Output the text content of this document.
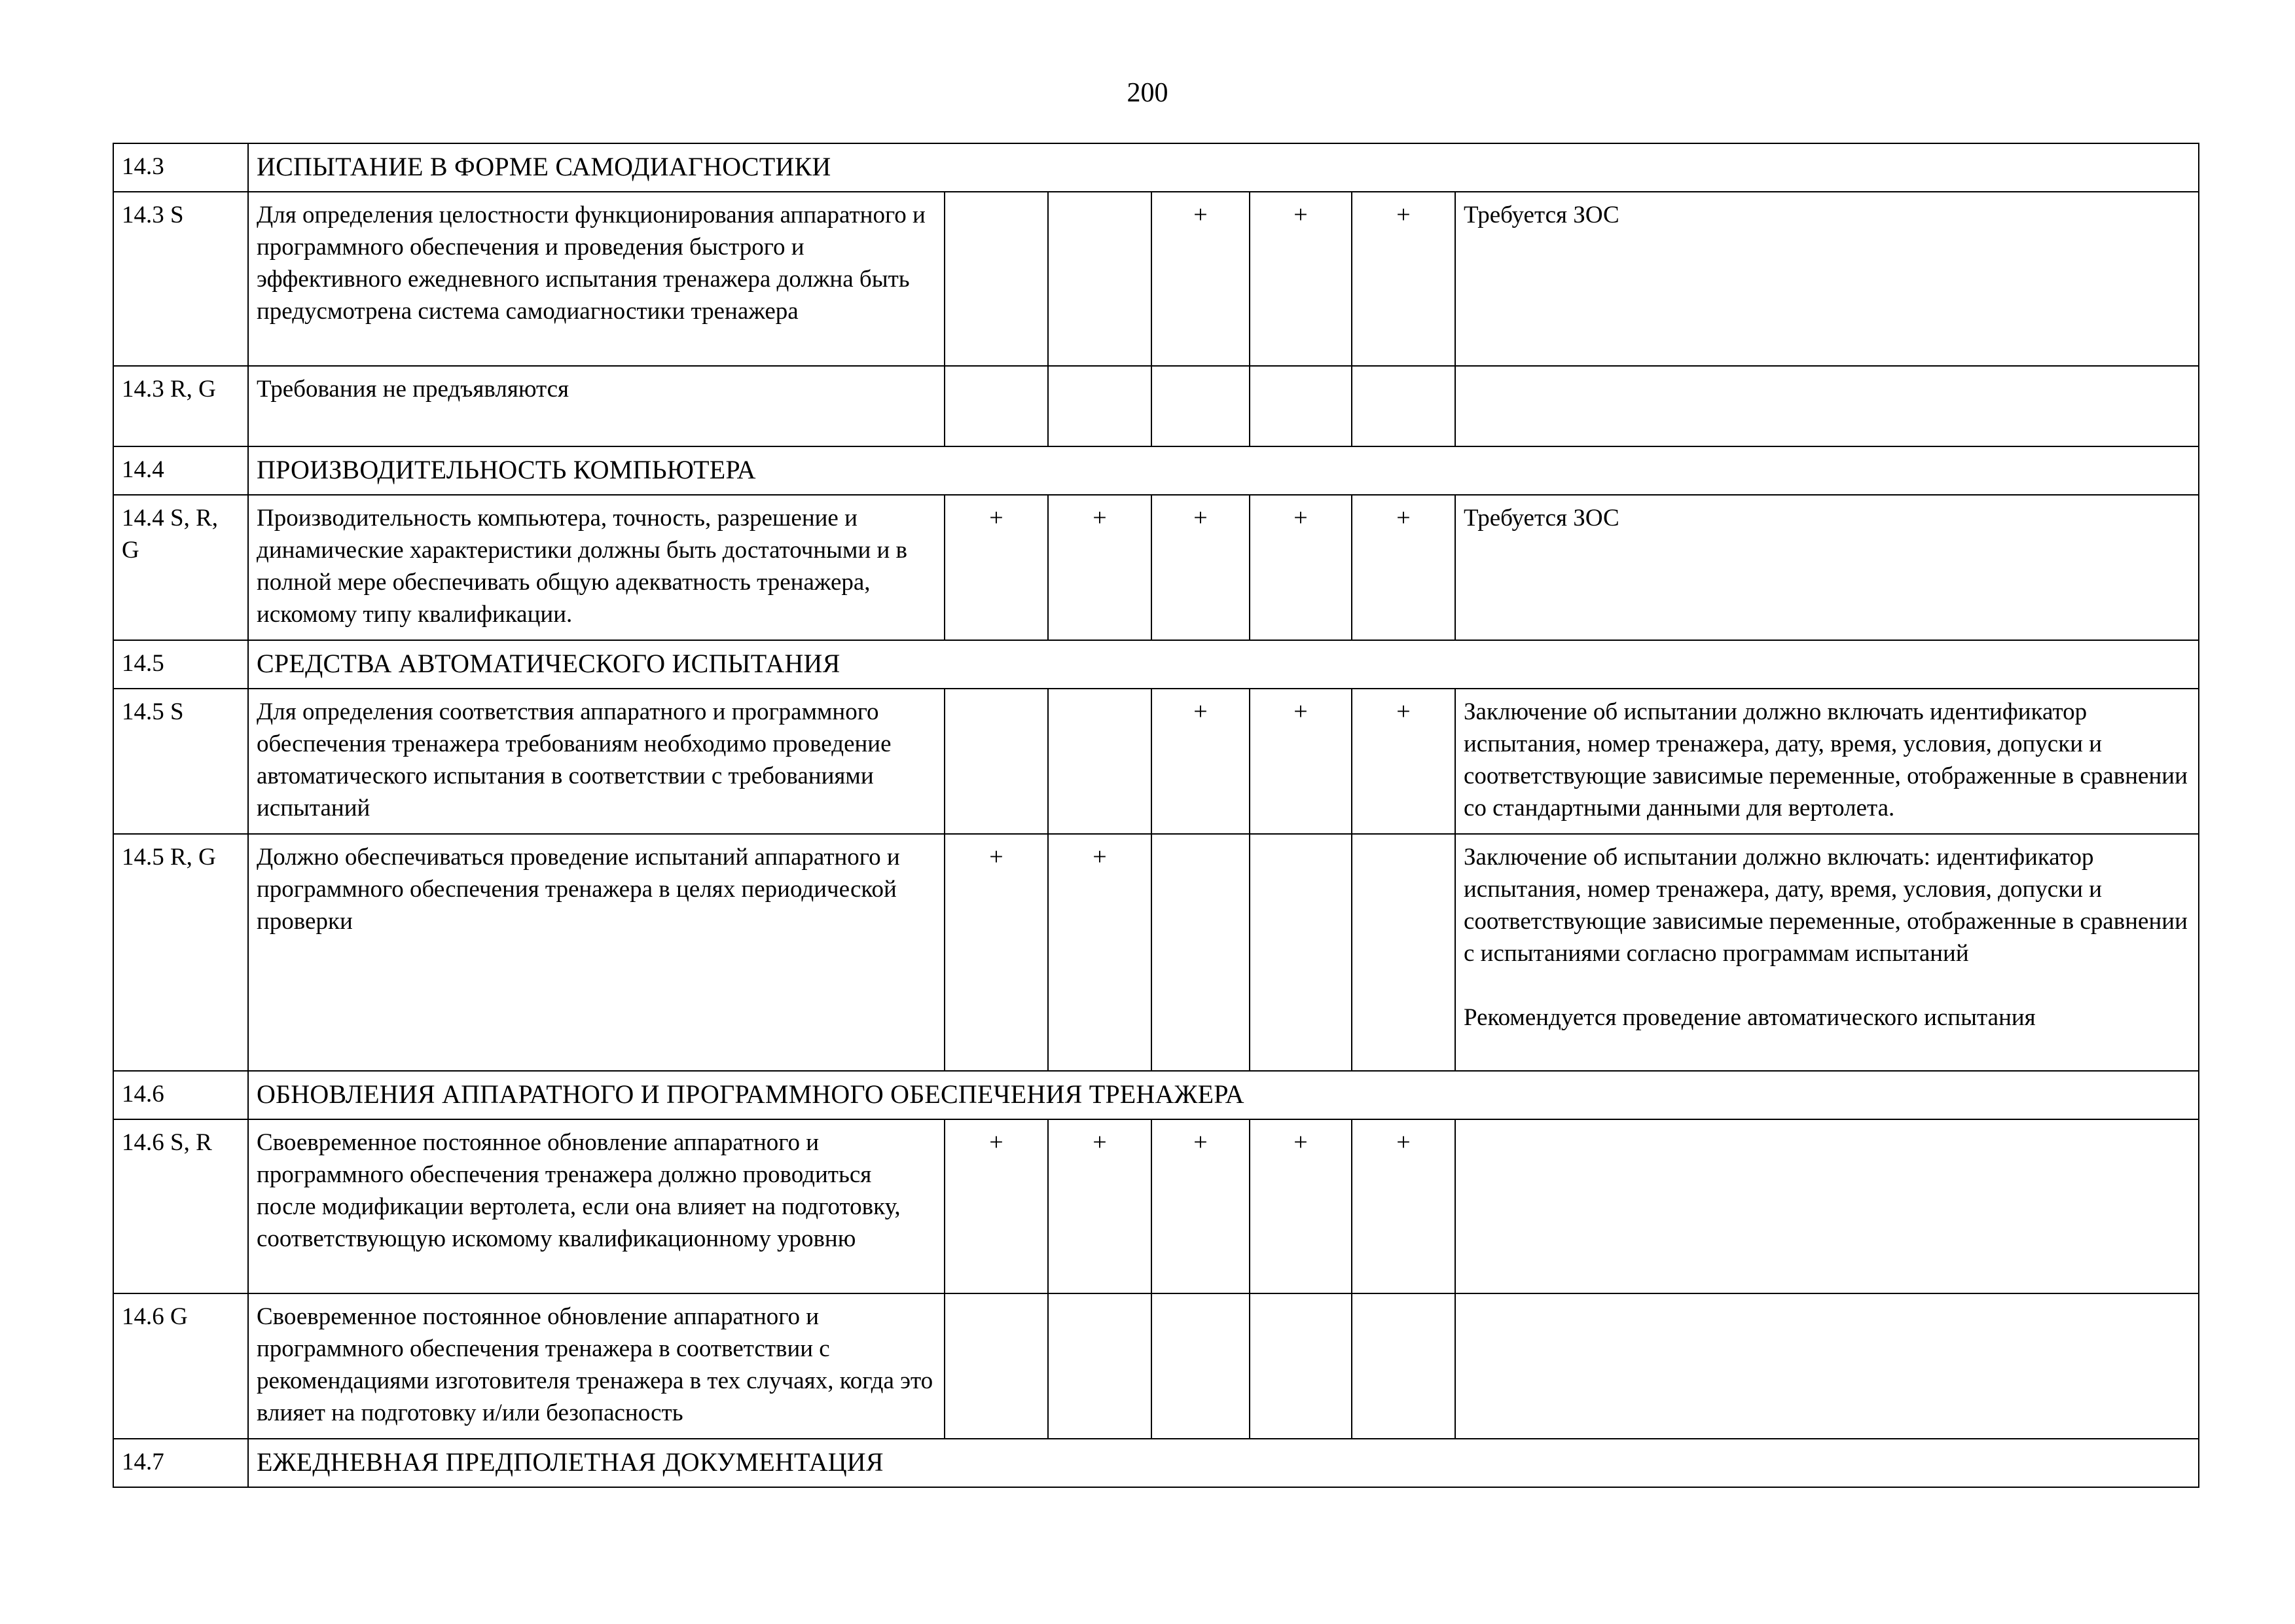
200
14.3	ИСПЫТАНИЕ В ФОРМЕ САМОДИАГНОСТИКИ						
14.3 S	Для определения целостности функционирования аппаратного и программного обеспечения и проведения быстрого и эффективного ежедневного испытания тренажера должна быть предусмотрена система самодиагностики тренажера			+	+	+	Требуется ЗОС

14.3 R, G	Требования не предъявляются						

14.4	ПРОИЗВОДИТЕЛЬНОСТЬ КОМПЬЮТЕРА						
14.4 S, R, G	Производительность компьютера, точность, разрешение и динамические характеристики должны быть достаточными и в полной мере обеспечивать общую адекватность тренажера, искомому типу квалификации.	+	+	+	+	+	Требуется ЗОС

14.5	СРЕДСТВА АВТОМАТИЧЕСКОГО ИСПЫТАНИЯ						
14.5 S	Для определения соответствия аппаратного и программного обеспечения тренажера требованиям необходимо проведение автоматического испытания в соответствии с требованиями испытаний			+	+	+	Заключение об испытании должно включать идентификатор испытания, номер тренажера, дату, время, условия, допуски и соответствующие зависимые переменные, отображенные в сравнении со стандартными данными для вертолета.

14.5 R, G	Должно обеспечиваться проведение испытаний аппаратного и программного обеспечения тренажера в целях периодической проверки	+	+				Заключение об испытании должно включать: идентификатор испытания, номер тренажера, дату, время, условия, допуски и соответствующие зависимые переменные, отображенные в сравнении с испытаниями согласно программам испытаний

Рекомендуется проведение автоматического испытания

14.6	ОБНОВЛЕНИЯ АППАРАТНОГО И ПРОГРАММНОГО ОБЕСПЕЧЕНИЯ ТРЕНАЖЕРА						
14.6 S, R	Своевременное постоянное обновление аппаратного и программного обеспечения тренажера должно проводиться после модификации вертолета, если она влияет на подготовку, соответствующую искомому квалификационному уровню	+	+	+	+	+	

14.6 G	Своевременное постоянное обновление аппаратного и программного обеспечения тренажера в соответствии с рекомендациями изготовителя тренажера в тех случаях, когда это влияет на подготовку и/или безопасность						

14.7	ЕЖЕДНЕВНАЯ ПРЕДПОЛЕТНАЯ ДОКУМЕНТАЦИЯ						
